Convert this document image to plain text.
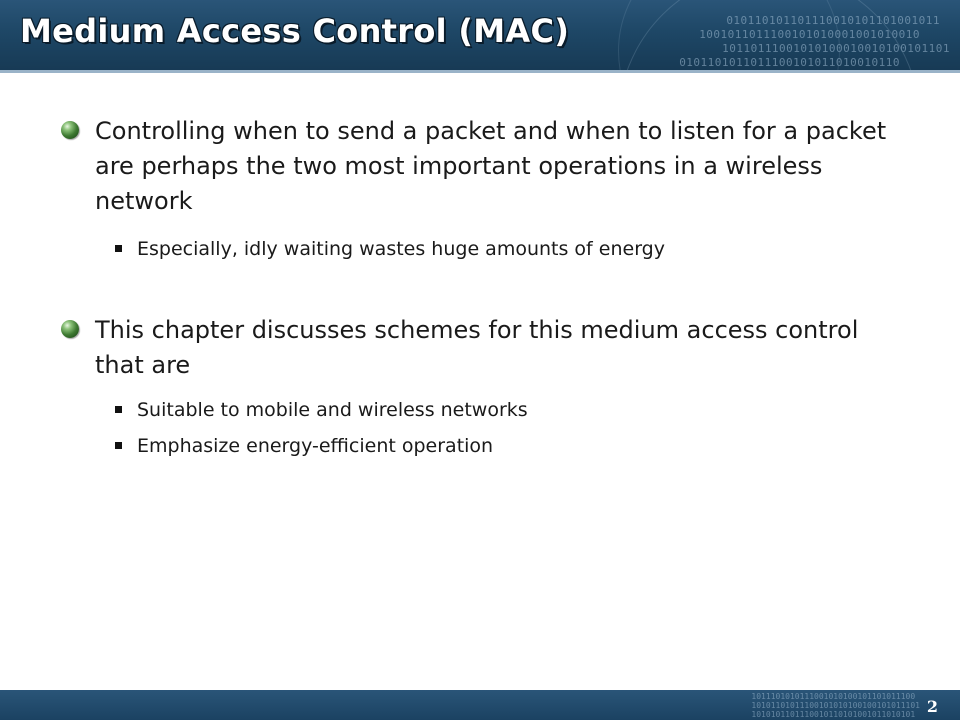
010110101101110010101101001011
1001011011100101010001001010010
10110111001010100010010100101101
0101101011011100101011010010110
Medium Access Control (MAC)

Controlling when to send a packet and when to listen for a packet are perhaps the two most important operations in a wireless network

Especially, idly waiting wastes huge amounts of energy

This chapter discusses schemes for this medium access control that are

Suitable to mobile and wireless networks

Emphasize energy-efficient operation

1011101010111001010100101101011100
10101101011100101010100100101011101
1010101101110010110101001011010101 2
